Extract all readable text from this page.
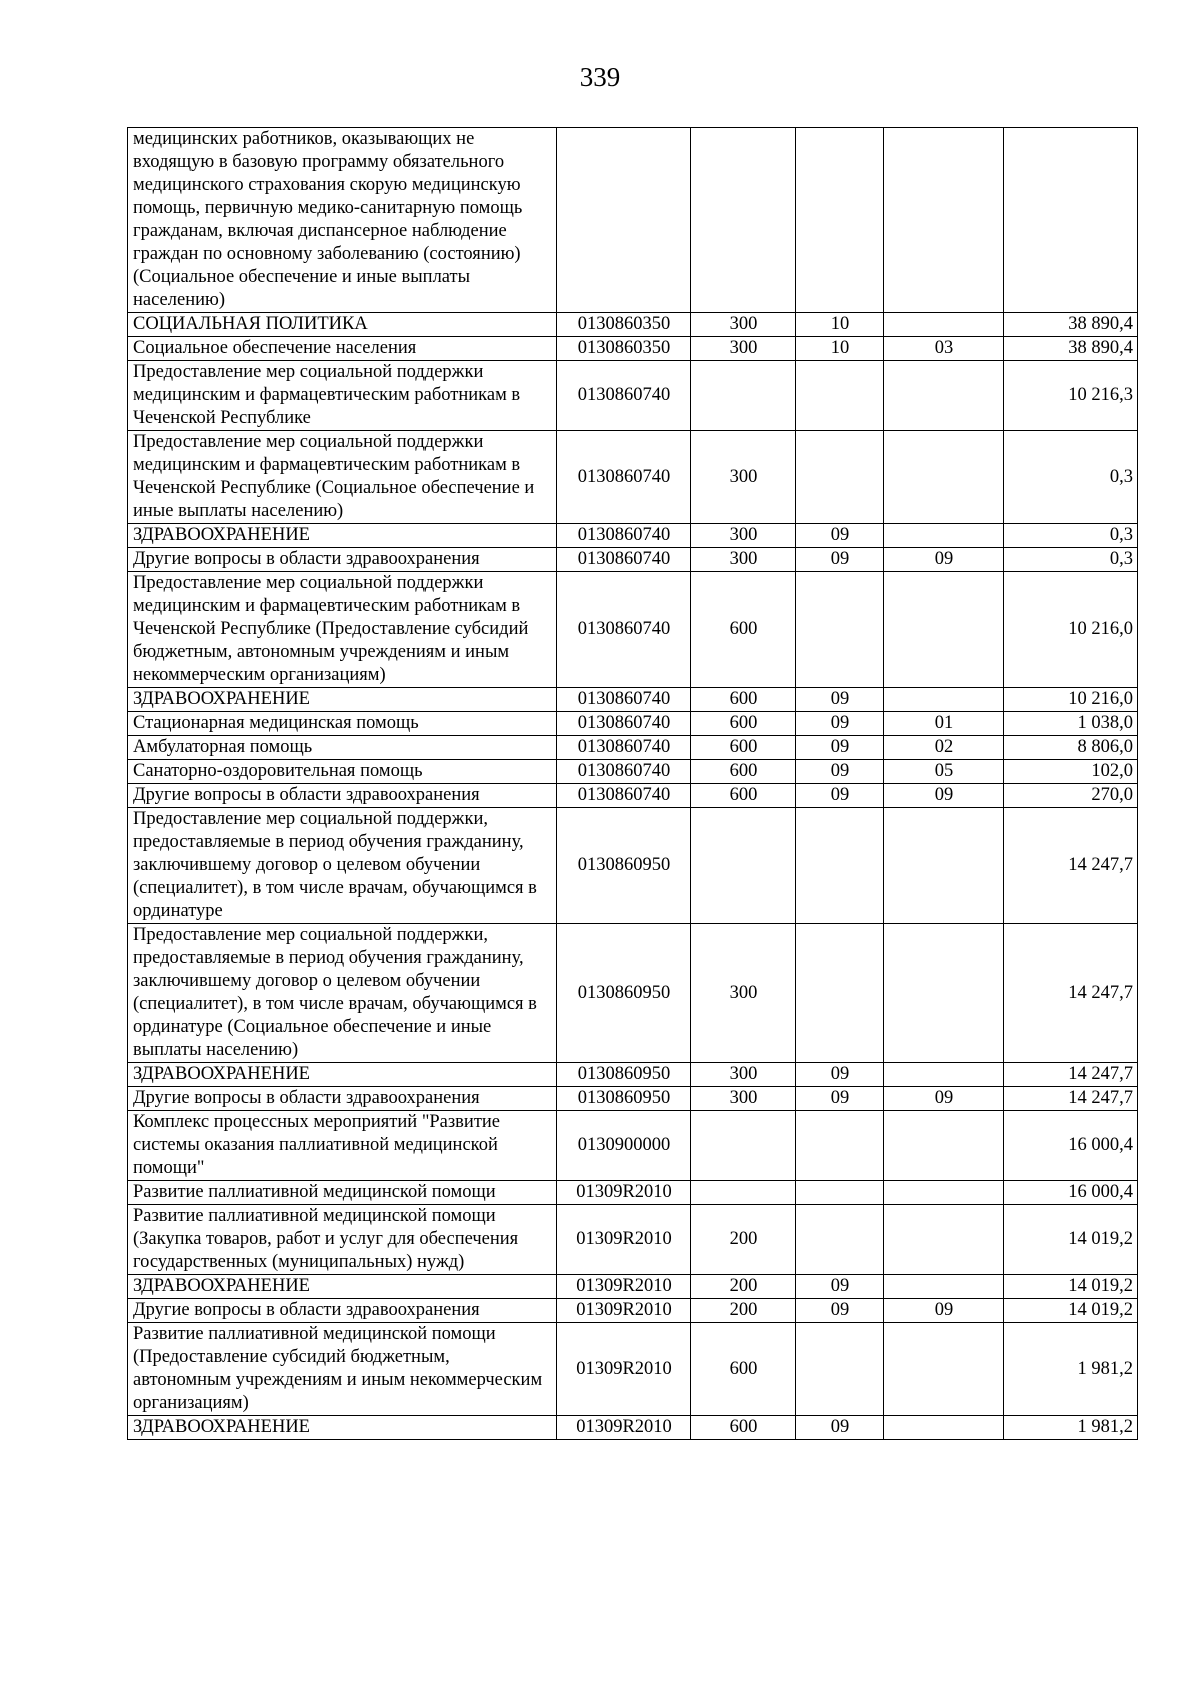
339
медицинских работников, оказывающих не входящую в базовую программу обязательного медицинского страхования скорую медицинскую помощь, первичную медико-санитарную помощь гражданам, включая диспансерное наблюдение граждан по основному заболеванию (состоянию) (Социальное обеспечение и иные выплаты населению)					
СОЦИАЛЬНАЯ ПОЛИТИКА	0130860350	300	10		38 890,4
Социальное обеспечение населения	0130860350	300	10	03	38 890,4
Предоставление мер социальной поддержки медицинским и фармацевтическим работникам в Чеченской Республике	0130860740				10 216,3
Предоставление мер социальной поддержки медицинским и фармацевтическим работникам в Чеченской Республике (Социальное обеспечение и иные выплаты населению)	0130860740	300			0,3
ЗДРАВООХРАНЕНИЕ	0130860740	300	09		0,3
Другие вопросы в области здравоохранения	0130860740	300	09	09	0,3
Предоставление мер социальной поддержки медицинским и фармацевтическим работникам в Чеченской Республике (Предоставление субсидий бюджетным, автономным учреждениям и иным некоммерческим организациям)	0130860740	600			10 216,0
ЗДРАВООХРАНЕНИЕ	0130860740	600	09		10 216,0
Стационарная медицинская помощь	0130860740	600	09	01	1 038,0
Амбулаторная помощь	0130860740	600	09	02	8 806,0
Санаторно-оздоровительная помощь	0130860740	600	09	05	102,0
Другие вопросы в области здравоохранения	0130860740	600	09	09	270,0
Предоставление мер социальной поддержки, предоставляемые в период обучения гражданину, заключившему договор о целевом обучении (специалитет), в том числе врачам, обучающимся в ординатуре	0130860950				14 247,7
Предоставление мер социальной поддержки, предоставляемые в период обучения гражданину, заключившему договор о целевом обучении (специалитет), в том числе врачам, обучающимся в ординатуре (Социальное обеспечение и иные выплаты населению)	0130860950	300			14 247,7
ЗДРАВООХРАНЕНИЕ	0130860950	300	09		14 247,7
Другие вопросы в области здравоохранения	0130860950	300	09	09	14 247,7
Комплекс процессных мероприятий "Развитие системы оказания паллиативной медицинской помощи"	0130900000				16 000,4
Развитие паллиативной медицинской помощи	01309R2010				16 000,4
Развитие паллиативной медицинской помощи (Закупка товаров, работ и услуг для обеспечения государственных (муниципальных) нужд)	01309R2010	200			14 019,2
ЗДРАВООХРАНЕНИЕ	01309R2010	200	09		14 019,2
Другие вопросы в области здравоохранения	01309R2010	200	09	09	14 019,2
Развитие паллиативной медицинской помощи (Предоставление субсидий бюджетным, автономным учреждениям и иным некоммерческим организациям)	01309R2010	600			1 981,2
ЗДРАВООХРАНЕНИЕ	01309R2010	600	09		1 981,2
